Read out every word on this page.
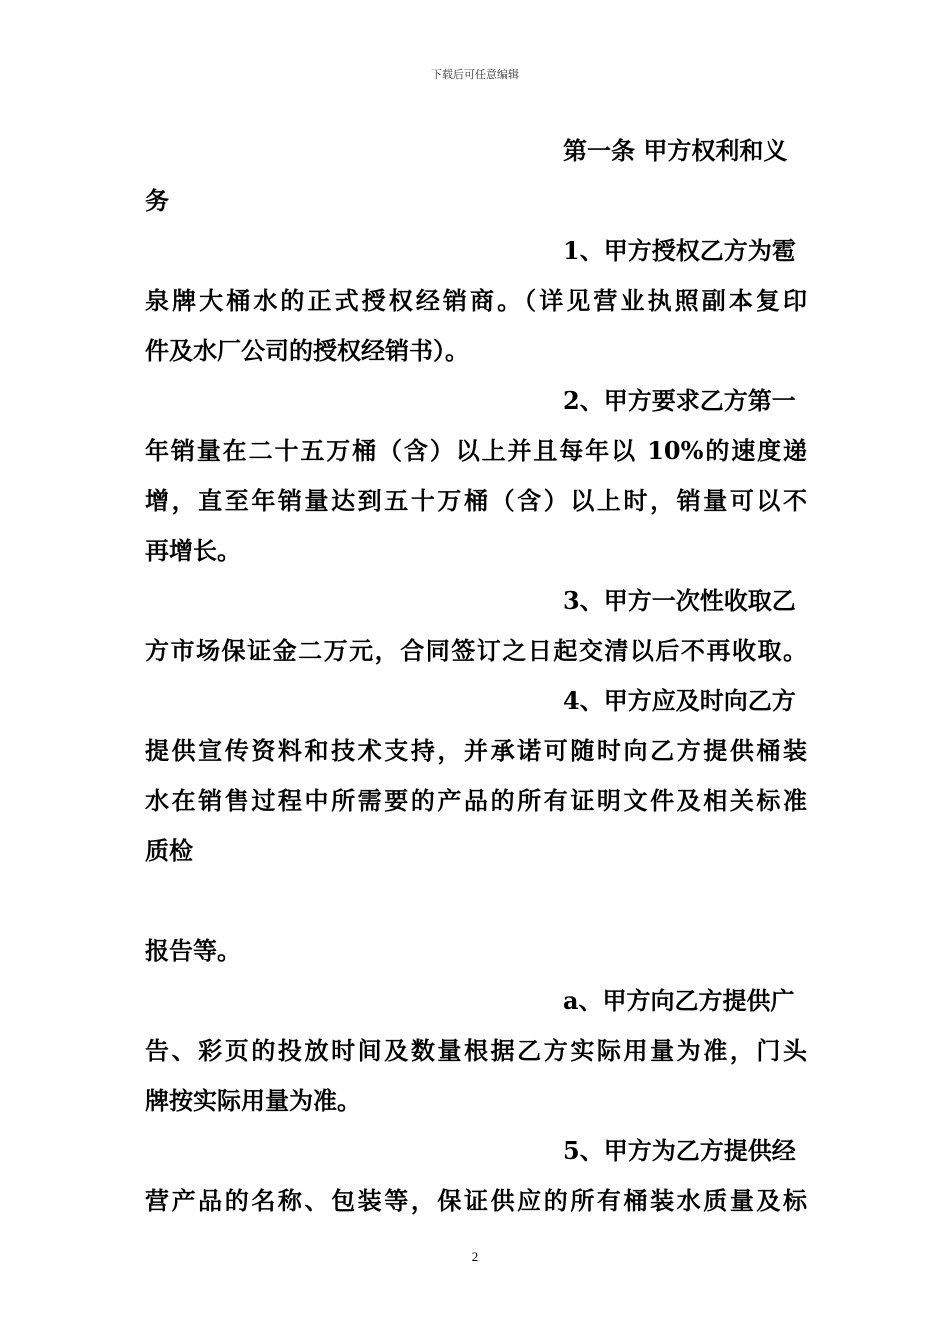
下载后可任意编辑
第一条 甲方权利和义
务
1、甲方授权乙方为雹
泉牌大桶水的正式授权经销商。（详见营业执照副本复印
件及水厂公司的授权经销书）。
2、甲方要求乙方第一
年销量在二十五万桶（含）以上并且每年以 10%的速度递
增，直至年销量达到五十万桶（含）以上时，销量可以不
再增长。
3、甲方一次性收取乙
方市场保证金二万元，合同签订之日起交清以后不再收取。
4、甲方应及时向乙方
提供宣传资料和技术支持，并承诺可随时向乙方提供桶装
水在销售过程中所需要的产品的所有证明文件及相关标准
质检
报告等。
a、甲方向乙方提供广
告、彩页的投放时间及数量根据乙方实际用量为准，门头
牌按实际用量为准。
5、甲方为乙方提供经
营产品的名称、包装等，保证供应的所有桶装水质量及标
2
